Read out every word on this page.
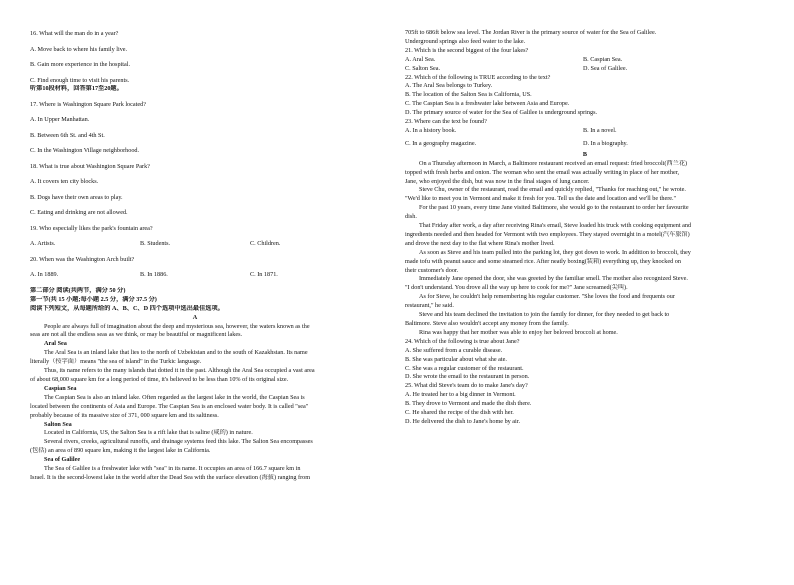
16. What will the man do in a year?
A. Move back to where his family live.
B. Gain more experience in the hospital.
C. Find enough time to visit his parents.
听第10段材料，回答第17至20题。
17. Where is Washington Square Park located?
A. In Upper Manhattan.
B. Between 6th St. and 4th St.
C. In the Washington Village neighborhood.
18. What is true about Washington Square Park?
A. It covers ten city blocks.
B. Dogs have their own areas to play.
C. Eating and drinking are not allowed.
19. Who especially likes the park's fountain area?
A. Artists.	B. Students.	C. Children.
20. When was the Washington Arch built?
A. In 1889.	B. In 1886.	C. In 1871.
第二部分 阅读(共两节，满分 50 分)
第一节(共 15 小题;每小题 2.5 分，满分 37.5 分)
阅读下列短文，从每题所给的 A、B、C、D 四个选项中选出最佳选项。
A
People are always full of imagination about the deep and mysterious sea, however, the waters known as the
seas are not all the endless seas as we think, or may be beautiful or magnificent lakes.
Aral Sea
The Aral Sea is an inland lake that lies to the north of Uzbekistan and to the south of Kazakhstan. Its name
literally（按字面）means "the sea of island" in the Turkic language.
Thus, its name refers to the many islands that dotted it in the past. Although the Aral Sea occupied a vast area
of about 68,000 square km for a long period of time, it's believed to be less than 10% of its original size.
Caspian Sea
The Caspian Sea is also an inland lake. Often regarded as the largest lake in the world, the Caspian Sea is
located between the continents of Asia and Europe. The Caspian Sea is an enclosed water body. It is called "sea"
probably because of its massive size of 371, 000 square km and its saltiness.
Salton Sea
Located in California, US, the Salton Sea is a rift lake that is saline (咸的) in nature.
Several rivers, creeks, agricultural runoffs, and drainage systems feed this lake. The Salton Sea encompasses
(包括) an area of 890 square km, making it the largest lake in California.
Sea of Galilee
The Sea of Galilee is a freshwater lake with "sea" in its name. It occupies an area of 166.7 square km in
Israel. It is the second-lowest lake in the world after the Dead Sea with the surface elevation (海拔) ranging from
705ft to 686ft below sea level. The Jordan River is the primary source of water for the Sea of Galilee.
Underground springs also feed water to the lake.
21. Which is the second biggest of the four lakes?
A. Aral Sea.	B. Caspian Sea.
C. Salton Sea.	D. Sea of Galilee.
22. Which of the following is TRUE according to the text?
A. The Aral Sea belongs to Turkey.
B. The location of the Salton Sea is California, US.
C. The Caspian Sea is a freshwater lake between Asia and Europe.
D. The primary source of water for the Sea of Galilee is underground springs.
23. Where can the text be found?
A. In a history book.	B. In a novel.
C. In a geography magazine.	D. In a biography.
B
On a Thursday afternoon in March, a Baltimore restaurant received an email request: fried broccoli(西兰花)
topped with fresh herbs and onion. The woman who sent the email was actually writing in place of her mother,
Jane, who enjoyed the dish, but was now in the final stages of lung cancer.
Steve Chu, owner of the restaurant, read the email and quickly replied, "Thanks for reaching out," he wrote.
"We'd like to meet you in Vermont and make it fresh for you. Tell us the date and location and we'll be there."
For the past 10 years, every time Jane visited Baltimore, she would go to the restaurant to order her favourite
dish.
That Friday after work, a day after receiving Rina's email, Steve loaded his truck with cooking equipment and
ingredients needed and then headed for Vermont with two employees. They stayed overnight in a motel(汽车旅馆)
and drove the next day to the flat where Rina's mother lived.
As soon as Steve and his team pulled into the parking lot, they got down to work. In addition to broccoli, they
made tofu with peanut sauce and some steamed rice. After neatly boxing(装箱) everything up, they knocked on
their customer's door.
Immediately Jane opened the door, she was greeted by the familiar smell. The mother also recognized Steve.
"I don't understand. You drove all the way up here to cook for me?" Jane screamed(尖叫).
As for Steve, he couldn't help remembering his regular customer. "She loves the food and frequents our
restaurant," he said.
Steve and his team declined the invitation to join the family for dinner, for they needed to get back to
Baltimore. Steve also wouldn't accept any money from the family.
Rina was happy that her mother was able to enjoy her beloved broccoli at home.
24. Which of the following is true about Jane?
A. She suffered from a curable disease.
B. She was particular about what she ate.
C. She was a regular customer of the restaurant.
D. She wrote the email to the restaurant in person.
25. What did Steve's team do to make Jane's day?
A. He treated her to a big dinner in Vermont.
B. They drove to Vermont and made the dish there.
C. He shared the recipe of the dish with her.
D. He delivered the dish to Jane's home by air.
